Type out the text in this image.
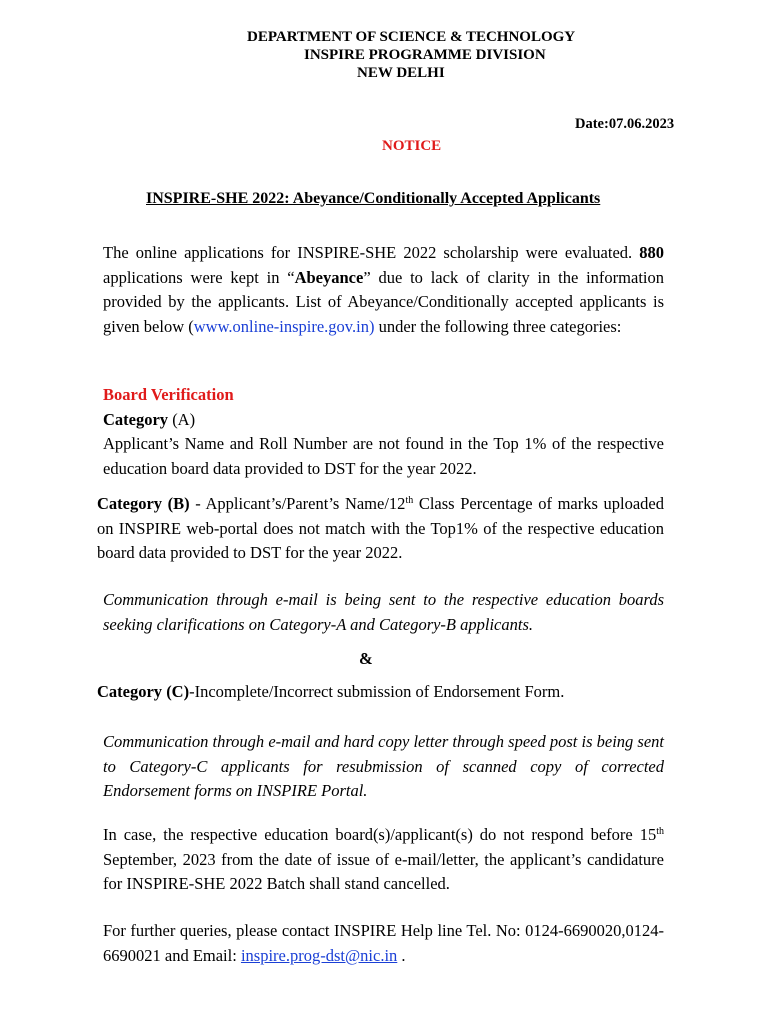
DEPARTMENT OF SCIENCE & TECHNOLOGY
INSPIRE PROGRAMME DIVISION
NEW DELHI
Date:07.06.2023
NOTICE
INSPIRE-SHE 2022: Abeyance/Conditionally Accepted Applicants
The online applications for INSPIRE-SHE 2022 scholarship were evaluated. 880 applications were kept in “Abeyance” due to lack of clarity in the information provided by the applicants. List of Abeyance/Conditionally accepted applicants is given below (www.online-inspire.gov.in) under the following three categories:
Board Verification
Category (A)
Applicant’s Name and Roll Number are not found in the Top 1% of the respective education board data provided to DST for the year 2022.
Category (B) - Applicant’s/Parent’s Name/12th Class Percentage of marks uploaded on INSPIRE web-portal does not match with the Top1% of the respective education board data provided to DST for the year 2022.
Communication through e-mail is being sent to the respective education boards seeking clarifications on Category-A and Category-B applicants.
&
Category (C)-Incomplete/Incorrect submission of Endorsement Form.
Communication through e-mail and hard copy letter through speed post is being sent to Category-C applicants for resubmission of scanned copy of corrected Endorsement forms on INSPIRE Portal.
In case, the respective education board(s)/applicant(s) do not respond before 15th September, 2023 from the date of issue of e-mail/letter, the applicant’s candidature for INSPIRE-SHE 2022 Batch shall stand cancelled.
For further queries, please contact INSPIRE Help line Tel. No: 0124-6690020,0124-6690021 and Email: inspire.prog-dst@nic.in .
